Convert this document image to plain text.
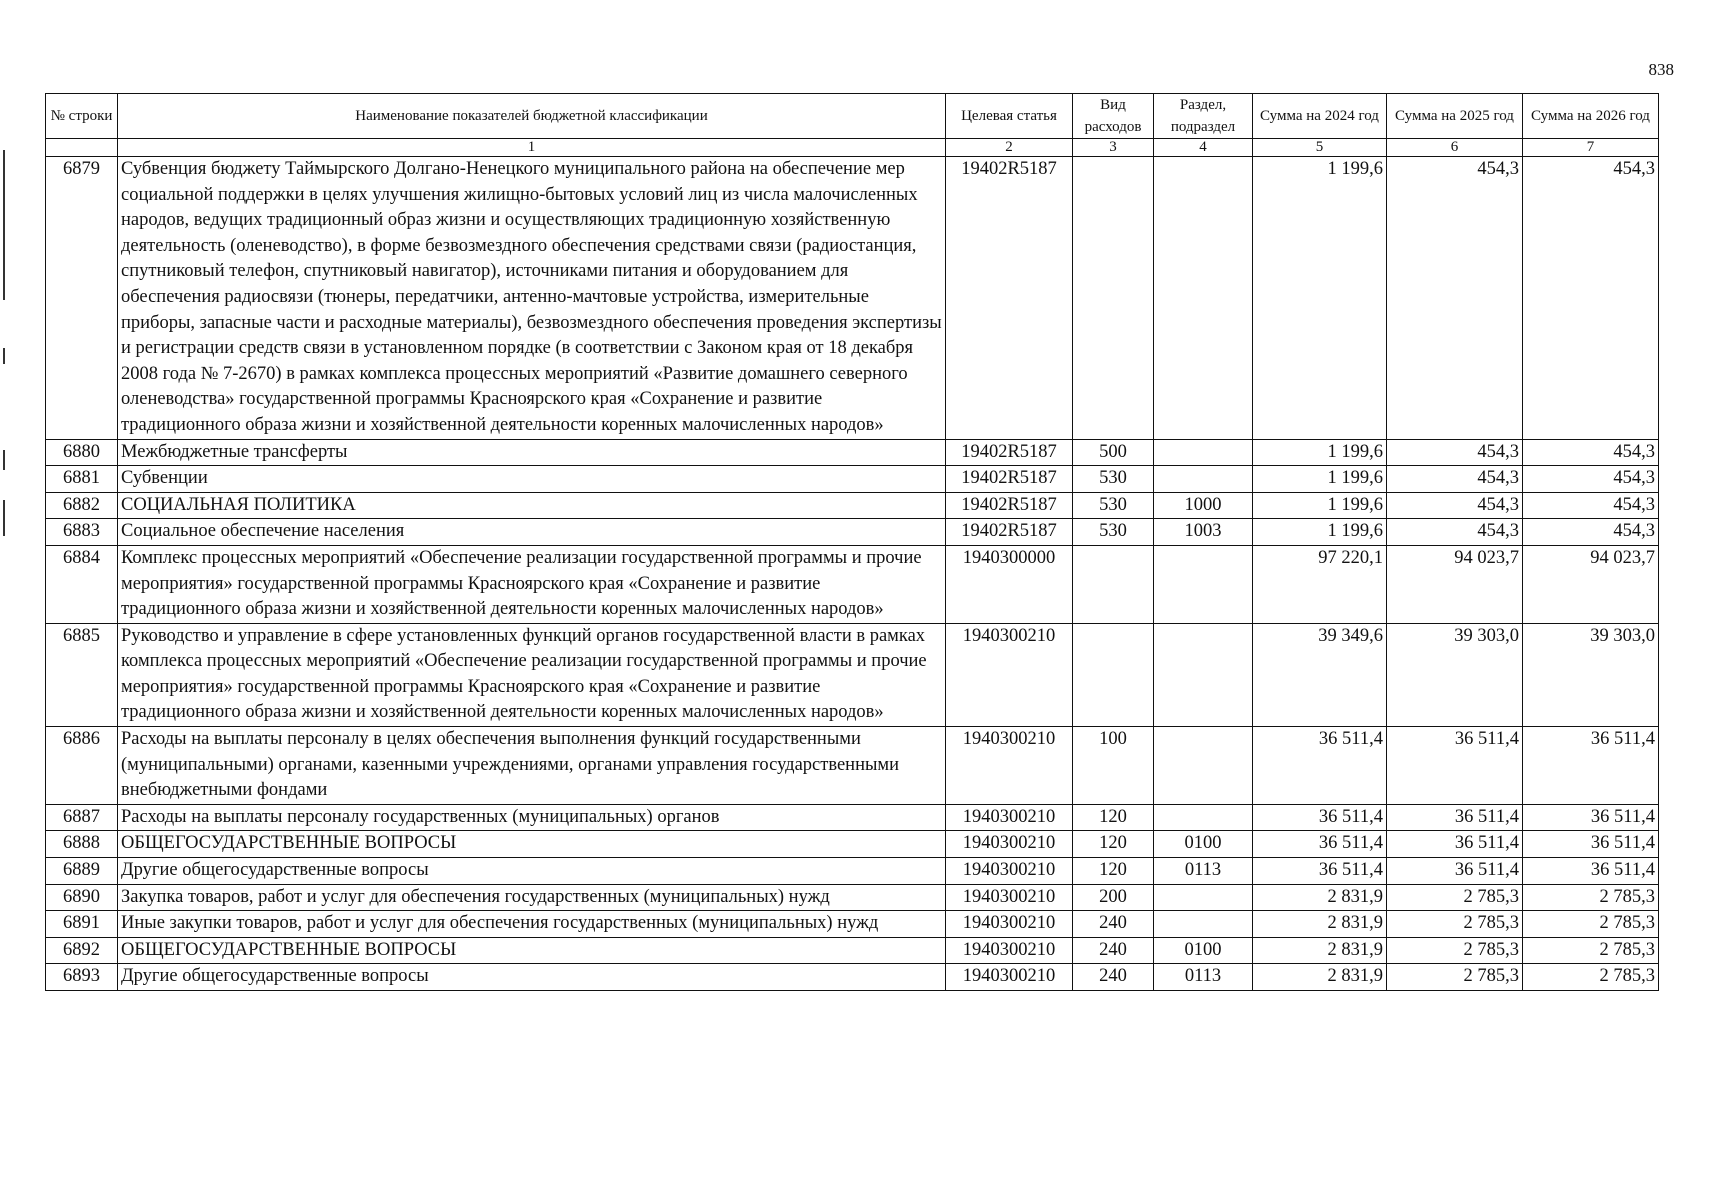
838
№ строки	Наименование показателей бюджетной классификации	Целевая статья	Вид расходов	Раздел, подраздел	Сумма на 2024 год	Сумма на 2025 год	Сумма на 2026 год
	1	2	3	4	5	6	7
6879	Субвенция бюджету Таймырского Долгано-Ненецкого муниципального района на обеспечение мер социальной поддержки в целях улучшения жилищно-бытовых условий лиц из числа малочисленных народов, ведущих традиционный образ жизни и осуществляющих традиционную хозяйственную деятельность (оленеводство), в форме безвозмездного обеспечения средствами связи (радиостанция, спутниковый телефон, спутниковый навигатор), источниками питания и оборудованием для обеспечения радиосвязи (тюнеры, передатчики, антенно-мачтовые устройства, измерительные приборы, запасные части и расходные материалы), безвозмездного обеспечения проведения экспертизы и регистрации средств связи в установленном порядке (в соответствии с Законом края от 18 декабря 2008 года № 7-2670) в рамках комплекса процессных мероприятий «Развитие домашнего северного оленеводства» государственной программы Красноярского края «Сохранение и развитие традиционного образа жизни и хозяйственной деятельности коренных малочисленных народов»	19402R5187			1 199,6	454,3	454,3
6880	Межбюджетные трансферты	19402R5187	500		1 199,6	454,3	454,3
6881	Субвенции	19402R5187	530		1 199,6	454,3	454,3
6882	СОЦИАЛЬНАЯ ПОЛИТИКА	19402R5187	530	1000	1 199,6	454,3	454,3
6883	Социальное обеспечение населения	19402R5187	530	1003	1 199,6	454,3	454,3
6884	Комплекс процессных мероприятий «Обеспечение реализации государственной программы и прочие мероприятия» государственной программы Красноярского края «Сохранение и развитие традиционного образа жизни и хозяйственной деятельности коренных малочисленных народов»	1940300000			97 220,1	94 023,7	94 023,7
6885	Руководство и управление в сфере установленных функций органов государственной власти в рамках комплекса процессных мероприятий «Обеспечение реализации государственной программы и прочие мероприятия» государственной программы Красноярского края «Сохранение и развитие традиционного образа жизни и хозяйственной деятельности коренных малочисленных народов»	1940300210			39 349,6	39 303,0	39 303,0
6886	Расходы на выплаты персоналу в целях обеспечения выполнения функций государственными (муниципальными) органами, казенными учреждениями, органами управления государственными внебюджетными фондами	1940300210	100		36 511,4	36 511,4	36 511,4
6887	Расходы на выплаты персоналу государственных (муниципальных) органов	1940300210	120		36 511,4	36 511,4	36 511,4
6888	ОБЩЕГОСУДАРСТВЕННЫЕ ВОПРОСЫ	1940300210	120	0100	36 511,4	36 511,4	36 511,4
6889	Другие общегосударственные вопросы	1940300210	120	0113	36 511,4	36 511,4	36 511,4
6890	Закупка товаров, работ и услуг для обеспечения государственных (муниципальных) нужд	1940300210	200		2 831,9	2 785,3	2 785,3
6891	Иные закупки товаров, работ и услуг для обеспечения государственных (муниципальных) нужд	1940300210	240		2 831,9	2 785,3	2 785,3
6892	ОБЩЕГОСУДАРСТВЕННЫЕ ВОПРОСЫ	1940300210	240	0100	2 831,9	2 785,3	2 785,3
6893	Другие общегосударственные вопросы	1940300210	240	0113	2 831,9	2 785,3	2 785,3
